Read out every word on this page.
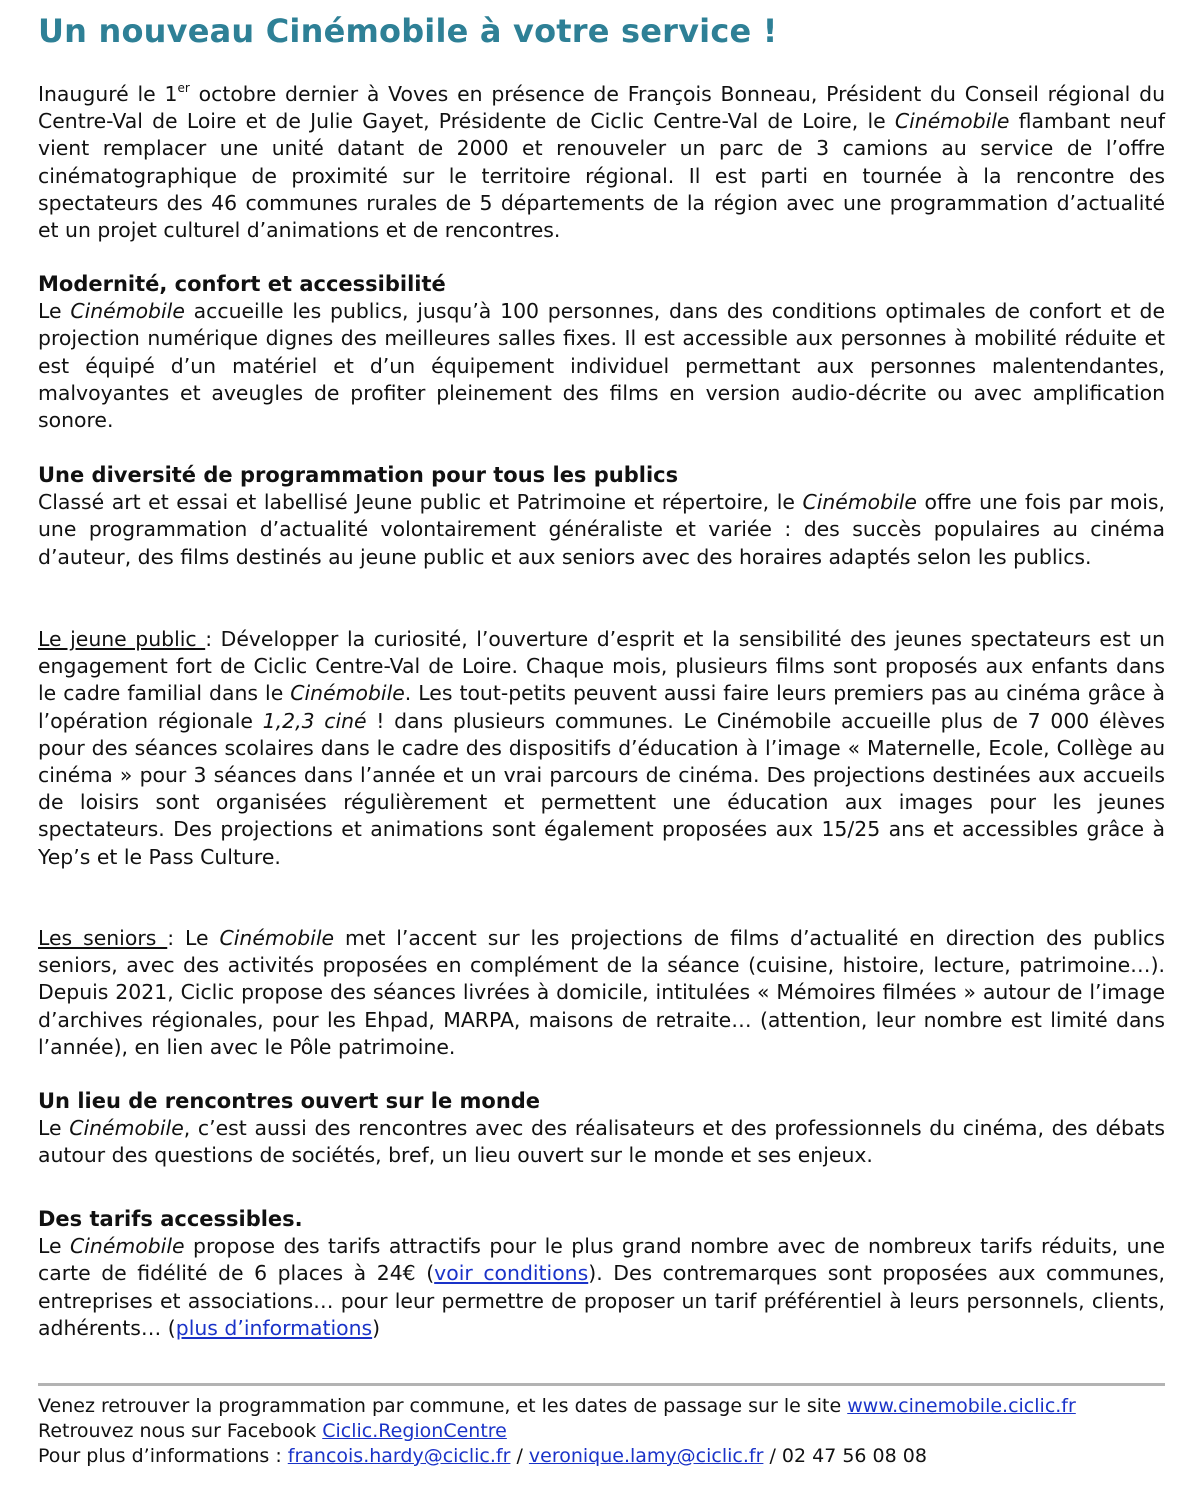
Un nouveau Cinémobile à votre service !

Inauguré le 1er octobre dernier à Voves en présence de François Bonneau, Président du Conseil régional du Centre-Val de Loire et de Julie Gayet, Présidente de Ciclic Centre-Val de Loire, le Cinémobile flambant neuf vient remplacer une unité datant de 2000 et renouveler un parc de 3 camions au service de l’offre cinématographique de proximité sur le territoire régional. Il est parti en tournée à la rencontre des spectateurs des 46 communes rurales de 5 départements de la région avec une programmation d’actualité et un projet culturel d’animations et de rencontres.

Modernité, confort et accessibilité

Le Cinémobile accueille les publics, jusqu’à 100 personnes, dans des conditions optimales de confort et de projection numérique dignes des meilleures salles fixes. Il est accessible aux personnes à mobilité réduite et est équipé d’un matériel et d’un équipement individuel permettant aux personnes malentendantes, malvoyantes et aveugles de profiter pleinement des films en version audio-décrite ou avec amplification sonore.

Une diversité de programmation pour tous les publics

Classé art et essai et labellisé Jeune public et Patrimoine et répertoire, le Cinémobile offre une fois par mois, une programmation d’actualité volontairement généraliste et variée : des succès populaires au cinéma d’auteur, des films destinés au jeune public et aux seniors avec des horaires adaptés selon les publics.

Le jeune public : Développer la curiosité, l’ouverture d’esprit et la sensibilité des jeunes spectateurs est un engagement fort de Ciclic Centre-Val de Loire. Chaque mois, plusieurs films sont proposés aux enfants dans le cadre familial dans le Cinémobile. Les tout-petits peuvent aussi faire leurs premiers pas au cinéma grâce à l’opération régionale 1,2,3 ciné ! dans plusieurs communes. Le Cinémobile accueille plus de 7 000 élèves pour des séances scolaires dans le cadre des dispositifs d’éducation à l’image « Maternelle, Ecole, Collège au cinéma » pour 3 séances dans l’année et un vrai parcours de cinéma. Des projections destinées aux accueils de loisirs sont organisées régulièrement et permettent une éducation aux images pour les jeunes spectateurs. Des projections et animations sont également proposées aux 15/25 ans et accessibles grâce à Yep’s et le Pass Culture.

Les seniors : Le Cinémobile met l’accent sur les projections de films d’actualité en direction des publics seniors, avec des activités proposées en complément de la séance (cuisine, histoire, lecture, patrimoine…). Depuis 2021, Ciclic propose des séances livrées à domicile, intitulées « Mémoires filmées » autour de l’image d’archives régionales, pour les Ehpad, MARPA, maisons de retraite… (attention, leur nombre est limité dans l’année), en lien avec le Pôle patrimoine.

Un lieu de rencontres ouvert sur le monde

Le Cinémobile, c’est aussi des rencontres avec des réalisateurs et des professionnels du cinéma, des débats autour des questions de sociétés, bref, un lieu ouvert sur le monde et ses enjeux.

Des tarifs accessibles.

Le Cinémobile propose des tarifs attractifs pour le plus grand nombre avec de nombreux tarifs réduits, une carte de fidélité de 6 places à 24€ (voir conditions). Des contremarques sont proposées aux communes, entreprises et associations… pour leur permettre de proposer un tarif préférentiel à leurs personnels, clients, adhérents… (plus d’informations)

Venez retrouver la programmation par commune, et les dates de passage sur le site www.cinemobile.ciclic.fr
Retrouvez nous sur Facebook Ciclic.RegionCentre
Pour plus d’informations : francois.hardy@ciclic.fr / veronique.lamy@ciclic.fr / 02 47 56 08 08
